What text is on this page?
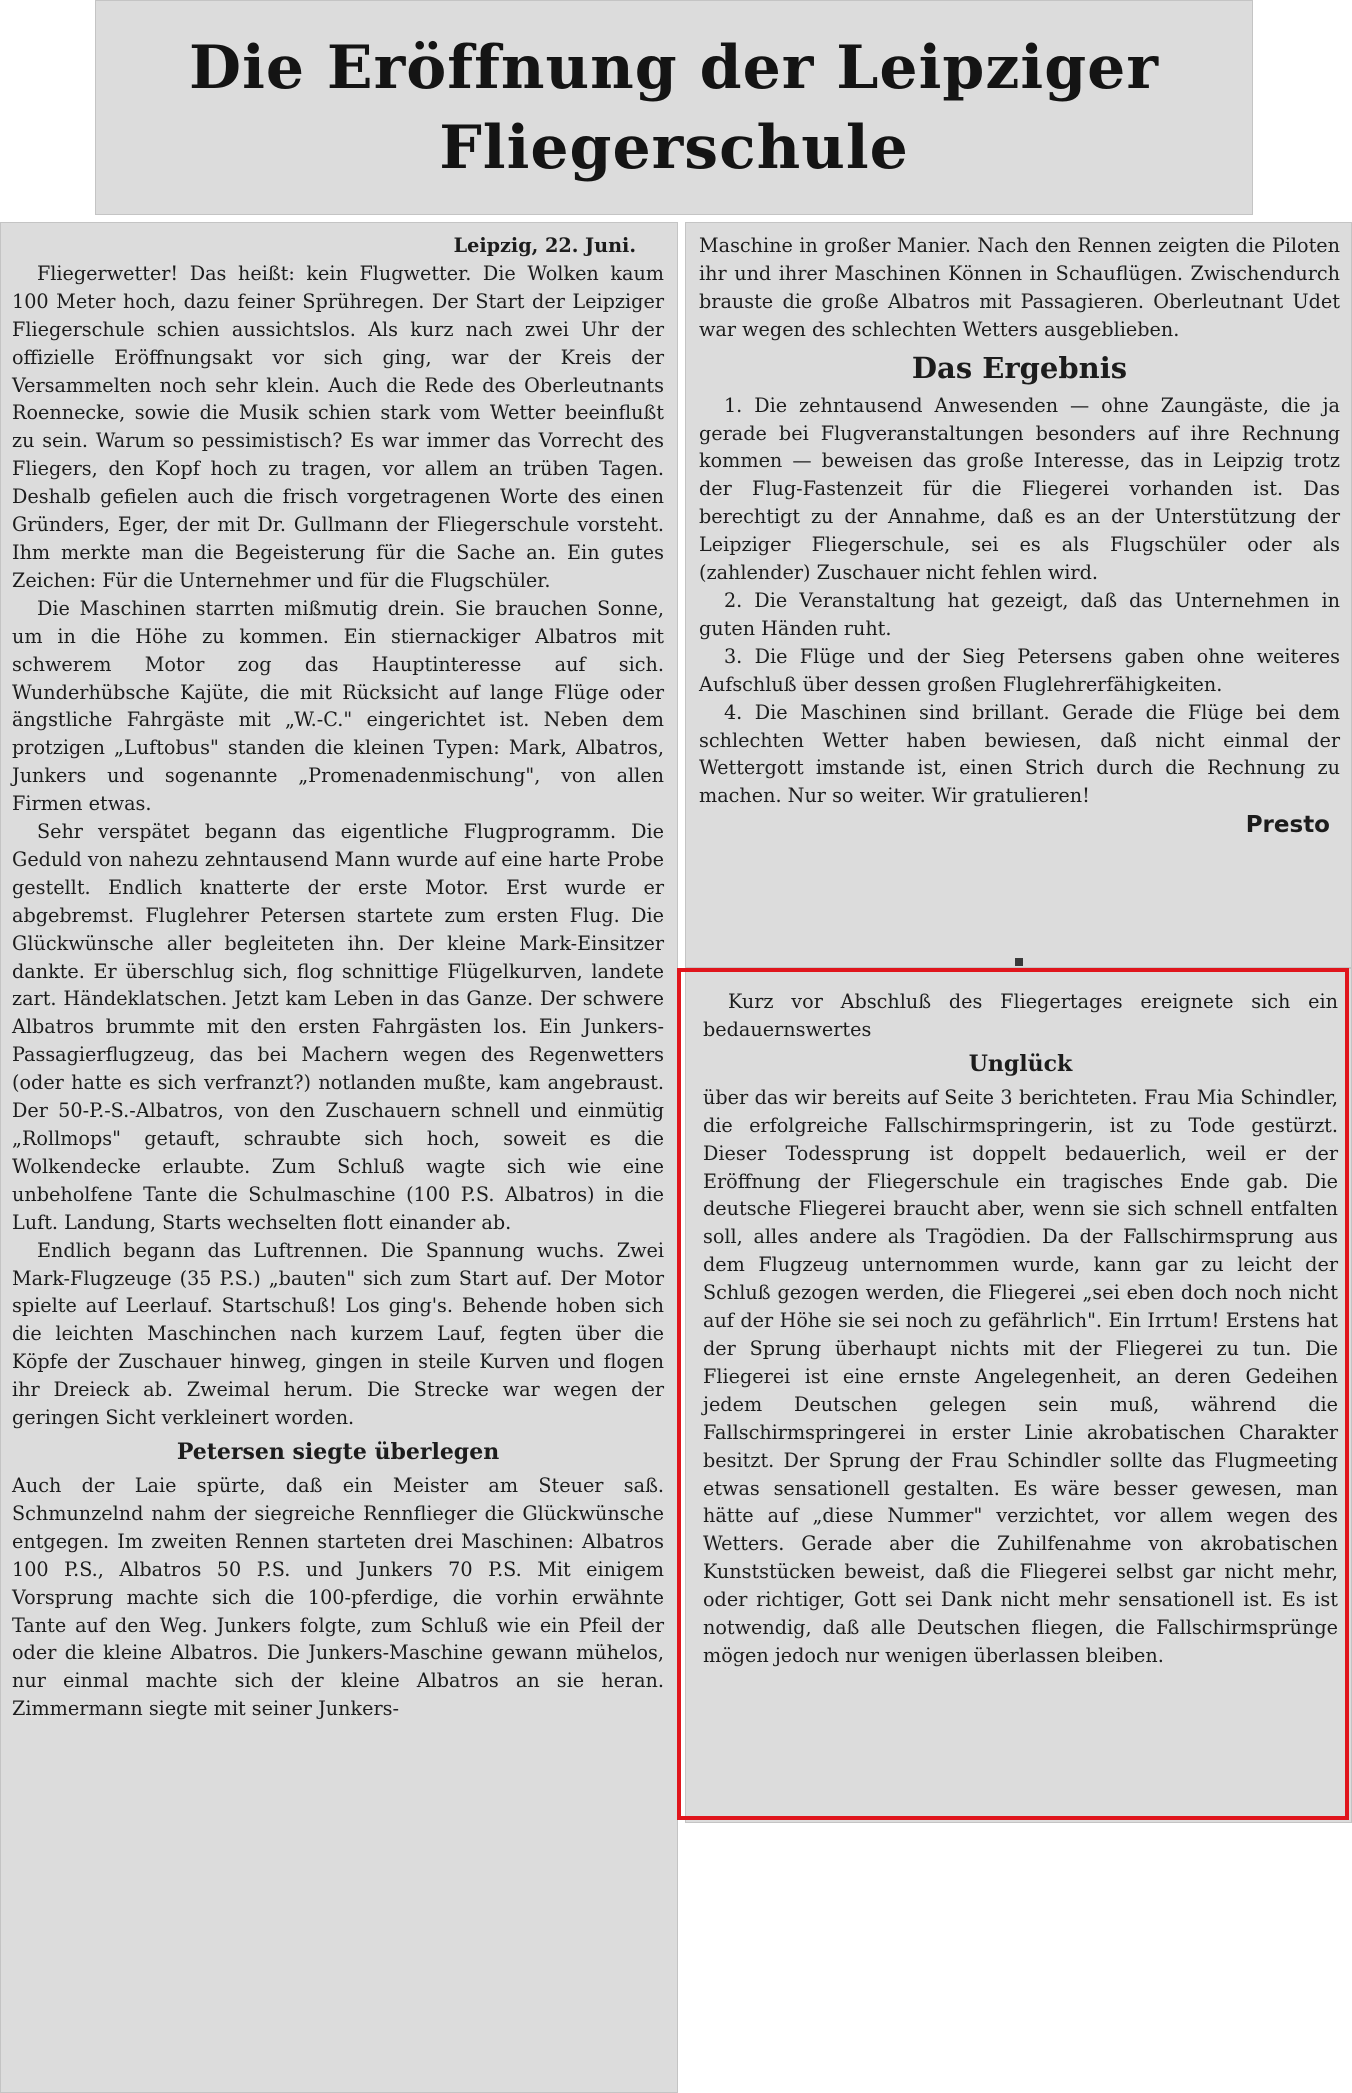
Die Eröffnung der Leipziger
Fliegerschule

Leipzig, 22. Juni.

Fliegerwetter! Das heißt: kein Flugwetter. Die Wolken kaum 100 Meter hoch, dazu feiner Sprühregen. Der Start der Leipziger Fliegerschule schien aussichtslos. Als kurz nach zwei Uhr der offizielle Eröffnungsakt vor sich ging, war der Kreis der Versammelten noch sehr klein. Auch die Rede des Oberleutnants Roennecke, sowie die Musik schien stark vom Wetter beeinflußt zu sein. Warum so pessimistisch? Es war immer das Vorrecht des Fliegers, den Kopf hoch zu tragen, vor allem an trüben Tagen. Deshalb gefielen auch die frisch vorgetragenen Worte des einen Gründers, Eger, der mit Dr. Gullmann der Fliegerschule vorsteht. Ihm merkte man die Begeisterung für die Sache an. Ein gutes Zeichen: Für die Unternehmer und für die Flugschüler.

Die Maschinen starrten mißmutig drein. Sie brauchen Sonne, um in die Höhe zu kommen. Ein stiernackiger Albatros mit schwerem Motor zog das Hauptinteresse auf sich. Wunderhübsche Kajüte, die mit Rücksicht auf lange Flüge oder ängstliche Fahrgäste mit „W.-C." eingerichtet ist. Neben dem protzigen „Luftobus" standen die kleinen Typen: Mark, Albatros, Junkers und sogenannte „Promenadenmischung", von allen Firmen etwas.

Sehr verspätet begann das eigentliche Flugprogramm. Die Geduld von nahezu zehntausend Mann wurde auf eine harte Probe gestellt. Endlich knatterte der erste Motor. Erst wurde er abgebremst. Fluglehrer Petersen startete zum ersten Flug. Die Glückwünsche aller begleiteten ihn. Der kleine Mark-Einsitzer dankte. Er überschlug sich, flog schnittige Flügelkurven, landete zart. Händeklatschen. Jetzt kam Leben in das Ganze. Der schwere Albatros brummte mit den ersten Fahrgästen los. Ein Junkers-Passagierflugzeug, das bei Machern wegen des Regenwetters (oder hatte es sich verfranzt?) notlanden mußte, kam angebraust. Der 50-P.-S.-Albatros, von den Zuschauern schnell und einmütig „Rollmops" getauft, schraubte sich hoch, soweit es die Wolkendecke erlaubte. Zum Schluß wagte sich wie eine unbeholfene Tante die Schulmaschine (100 P.S. Albatros) in die Luft. Landung, Starts wechselten flott einander ab.

Endlich begann das Luftrennen. Die Spannung wuchs. Zwei Mark-Flugzeuge (35 P.S.) „bauten" sich zum Start auf. Der Motor spielte auf Leerlauf. Startschuß! Los ging's. Behende hoben sich die leichten Maschinchen nach kurzem Lauf, fegten über die Köpfe der Zuschauer hinweg, gingen in steile Kurven und flogen ihr Dreieck ab. Zweimal herum. Die Strecke war wegen der geringen Sicht verkleinert worden.

Petersen siegte überlegen

Auch der Laie spürte, daß ein Meister am Steuer saß. Schmunzelnd nahm der siegreiche Rennflieger die Glückwünsche entgegen. Im zweiten Rennen starteten drei Maschinen: Albatros 100 P.S., Albatros 50 P.S. und Junkers 70 P.S. Mit einigem Vorsprung machte sich die 100-pferdige, die vorhin erwähnte Tante auf den Weg. Junkers folgte, zum Schluß wie ein Pfeil der oder die kleine Albatros. Die Junkers-Maschine gewann mühelos, nur einmal machte sich der kleine Albatros an sie heran. Zimmermann siegte mit seiner Junkers-

Maschine in großer Manier. Nach den Rennen zeigten die Piloten ihr und ihrer Maschinen Können in Schauflügen. Zwischendurch brauste die große Albatros mit Passagieren. Oberleutnant Udet war wegen des schlechten Wetters ausgeblieben.

Das Ergebnis

1. Die zehntausend Anwesenden — ohne Zaungäste, die ja gerade bei Flugveranstaltungen besonders auf ihre Rechnung kommen — beweisen das große Interesse, das in Leipzig trotz der Flug-Fastenzeit für die Fliegerei vorhanden ist. Das berechtigt zu der Annahme, daß es an der Unterstützung der Leipziger Fliegerschule, sei es als Flugschüler oder als (zahlender) Zuschauer nicht fehlen wird.

2. Die Veranstaltung hat gezeigt, daß das Unternehmen in guten Händen ruht.

3. Die Flüge und der Sieg Petersens gaben ohne weiteres Aufschluß über dessen großen Fluglehrerfähigkeiten.

4. Die Maschinen sind brillant. Gerade die Flüge bei dem schlechten Wetter haben bewiesen, daß nicht einmal der Wettergott imstande ist, einen Strich durch die Rechnung zu machen. Nur so weiter. Wir gratulieren!

Presto

Kurz vor Abschluß des Fliegertages ereignete sich ein bedauernswertes

Unglück

über das wir bereits auf Seite 3 berichteten. Frau Mia Schindler, die erfolgreiche Fallschirmspringerin, ist zu Tode gestürzt. Dieser Todessprung ist doppelt bedauerlich, weil er der Eröffnung der Fliegerschule ein tragisches Ende gab. Die deutsche Fliegerei braucht aber, wenn sie sich schnell entfalten soll, alles andere als Tragödien. Da der Fallschirmsprung aus dem Flugzeug unternommen wurde, kann gar zu leicht der Schluß gezogen werden, die Fliegerei „sei eben doch noch nicht auf der Höhe sie sei noch zu gefährlich". Ein Irrtum! Erstens hat der Sprung überhaupt nichts mit der Fliegerei zu tun. Die Fliegerei ist eine ernste Angelegenheit, an deren Gedeihen jedem Deutschen gelegen sein muß, während die Fallschirmspringerei in erster Linie akrobatischen Charakter besitzt. Der Sprung der Frau Schindler sollte das Flugmeeting etwas sensationell gestalten. Es wäre besser gewesen, man hätte auf „diese Nummer" verzichtet, vor allem wegen des Wetters. Gerade aber die Zuhilfenahme von akrobatischen Kunststücken beweist, daß die Fliegerei selbst gar nicht mehr, oder richtiger, Gott sei Dank nicht mehr sensationell ist. Es ist notwendig, daß alle Deutschen fliegen, die Fallschirmsprünge mögen jedoch nur wenigen überlassen bleiben.
